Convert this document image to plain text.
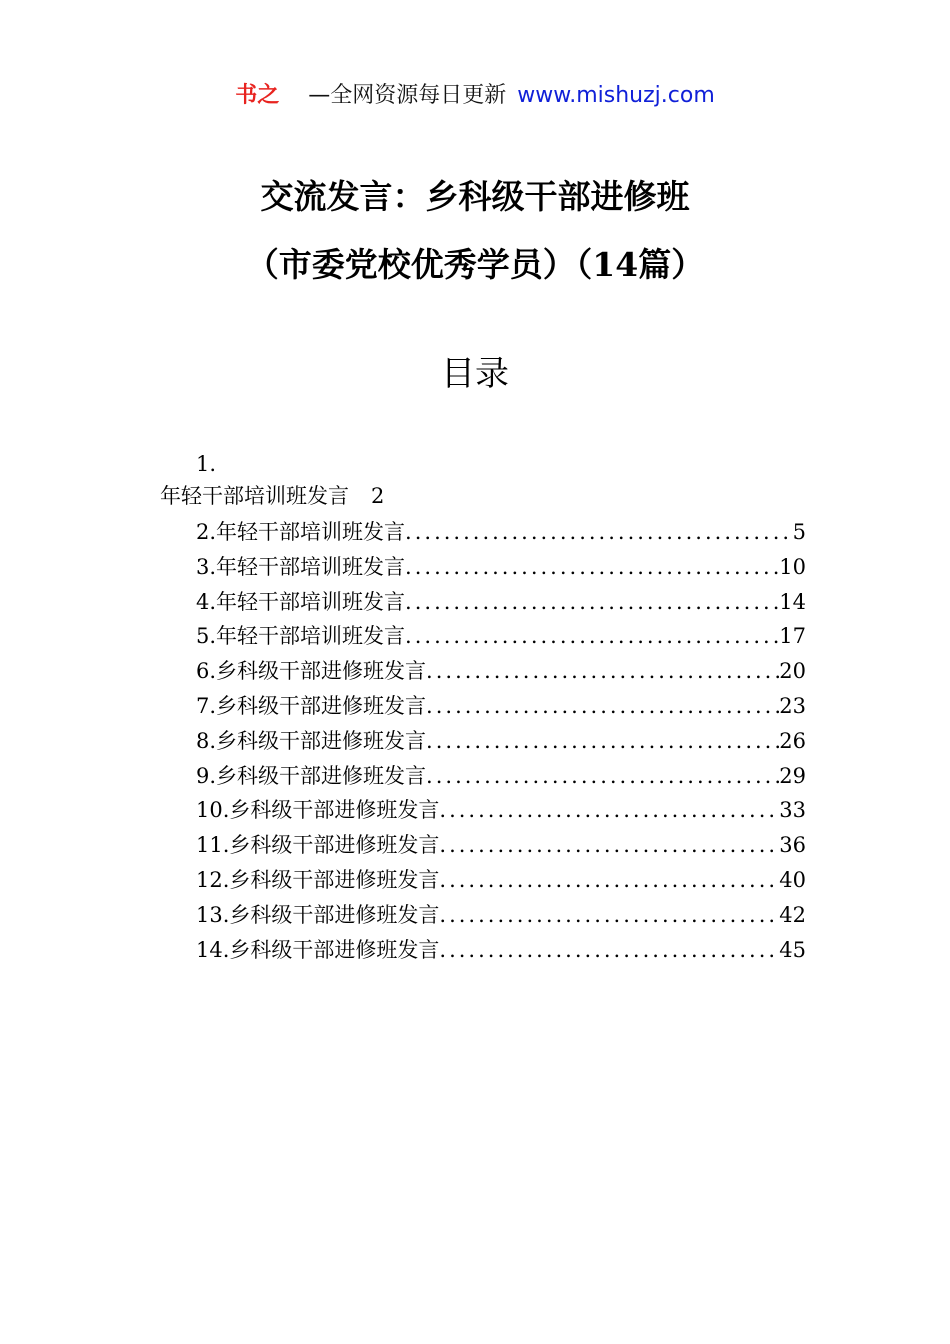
书之 —全网资源每日更新 www.mishuzj.com
交流发言：乡科级干部进修班
（市委党校优秀学员）（14篇）
目录
1.
年轻干部培训班发言 2
2.年轻干部培训班发言 .....	5
3.年轻干部培训班发言 .....	10
4.年轻干部培训班发言 .....	14
5.年轻干部培训班发言 .....	17
6.乡科级干部进修班发言 .....	20
7.乡科级干部进修班发言 .....	23
8.乡科级干部进修班发言 .....	26
9.乡科级干部进修班发言 .....	29
10.乡科级干部进修班发言 .....	33
11.乡科级干部进修班发言 .....	36
12.乡科级干部进修班发言 .....	40
13.乡科级干部进修班发言 .....	42
14.乡科级干部进修班发言 .....	45
